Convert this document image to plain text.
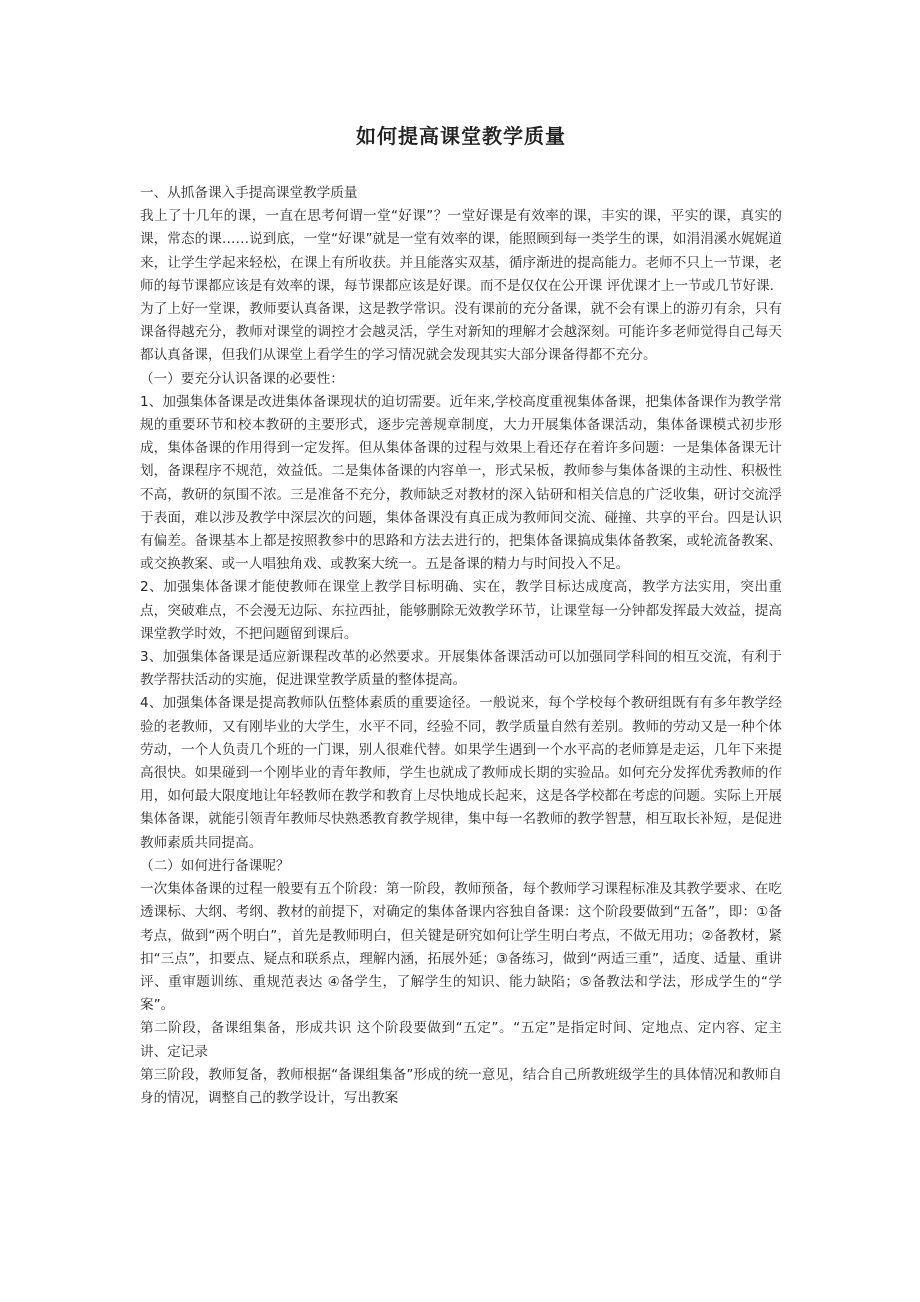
如何提高课堂教学质量

一、从抓备课入手提高课堂教学质量

我上了十几年的课，一直在思考何谓一堂“好课”？一堂好课是有效率的课，丰实的课，平实的课，真实的课，常态的课……说到底，一堂“好课”就是一堂有效率的课，能照顾到每一类学生的课，如涓涓溪水娓娓道来，让学生学起来轻松，在课上有所收获。并且能落实双基，循序渐进的提高能力。老师不只上一节课，老师的每节课都应该是有效率的课，每节课都应该是好课。而不是仅仅在公开课 评优课才上一节或几节好课.

为了上好一堂课，教师要认真备课，这是教学常识。没有课前的充分备课，就不会有课上的游刃有余，只有课备得越充分，教师对课堂的调控才会越灵活，学生对新知的理解才会越深刻。可能许多老师觉得自己每天都认真备课，但我们从课堂上看学生的学习情况就会发现其实大部分课备得都不充分。

（一）要充分认识备课的必要性：

1、加强集体备课是改进集体备课现状的迫切需要。近年来,学校高度重视集体备课，把集体备课作为教学常规的重要环节和校本教研的主要形式，逐步完善规章制度，大力开展集体备课活动，集体备课模式初步形成，集体备课的作用得到一定发挥。但从集体备课的过程与效果上看还存在着许多问题：一是集体备课无计划，备课程序不规范，效益低。二是集体备课的内容单一，形式呆板，教师参与集体备课的主动性、积极性不高，教研的氛围不浓。三是准备不充分，教师缺乏对教材的深入钻研和相关信息的广泛收集，研讨交流浮于表面，难以涉及教学中深层次的问题，集体备课没有真正成为教师间交流、碰撞、共享的平台。四是认识有偏差。备课基本上都是按照教参中的思路和方法去进行的，把集体备课搞成集体备教案，或轮流备教案、或交换教案、或一人唱独角戏、或教案大统一。五是备课的精力与时间投入不足。

2、加强集体备课才能使教师在课堂上教学目标明确、实在，教学目标达成度高，教学方法实用，突出重点，突破难点，不会漫无边际、东拉西扯，能够删除无效教学环节，让课堂每一分钟都发挥最大效益，提高课堂教学时效，不把问题留到课后。

3、加强集体备课是适应新课程改革的必然要求。开展集体备课活动可以加强同学科间的相互交流，有利于教学帮扶活动的实施，促进课堂教学质量的整体提高。

4、加强集体备课是提高教师队伍整体素质的重要途径。一般说来，每个学校每个教研组既有有多年教学经验的老教师，又有刚毕业的大学生，水平不同，经验不同，教学质量自然有差别。教师的劳动又是一种个体劳动，一个人负责几个班的一门课，别人很难代替。如果学生遇到一个水平高的老师算是走运，几年下来提高很快。如果碰到一个刚毕业的青年教师，学生也就成了教师成长期的实验品。如何充分发挥优秀教师的作用，如何最大限度地让年轻教师在教学和教育上尽快地成长起来，这是各学校都在考虑的问题。实际上开展集体备课，就能引领青年教师尽快熟悉教育教学规律，集中每一名教师的教学智慧，相互取长补短，是促进教师素质共同提高。

（二）如何进行备课呢？

一次集体备课的过程一般要有五个阶段：第一阶段，教师预备，每个教师学习课程标准及其教学要求、在吃透课标、大纲、考纲、教材的前提下，对确定的集体备课内容独自备课：这个阶段要做到“五备”，即：①备考点，做到“两个明白”，首先是教师明白，但关键是研究如何让学生明白考点，不做无用功；②备教材，紧扣“三点”，扣要点、疑点和联系点，理解内涵，拓展外延；③备练习，做到“两适三重”，适度、适量、重讲评、重审题训练、重规范表达 ④备学生，了解学生的知识、能力缺陷；⑤备教法和学法，形成学生的“学案”。

第二阶段，备课组集备，形成共识 这个阶段要做到“五定”。“五定”是指定时间、定地点、定内容、定主讲、定记录

第三阶段，教师复备，教师根据“备课组集备”形成的统一意见，结合自己所教班级学生的具体情况和教师自身的情况，调整自己的教学设计，写出教案
